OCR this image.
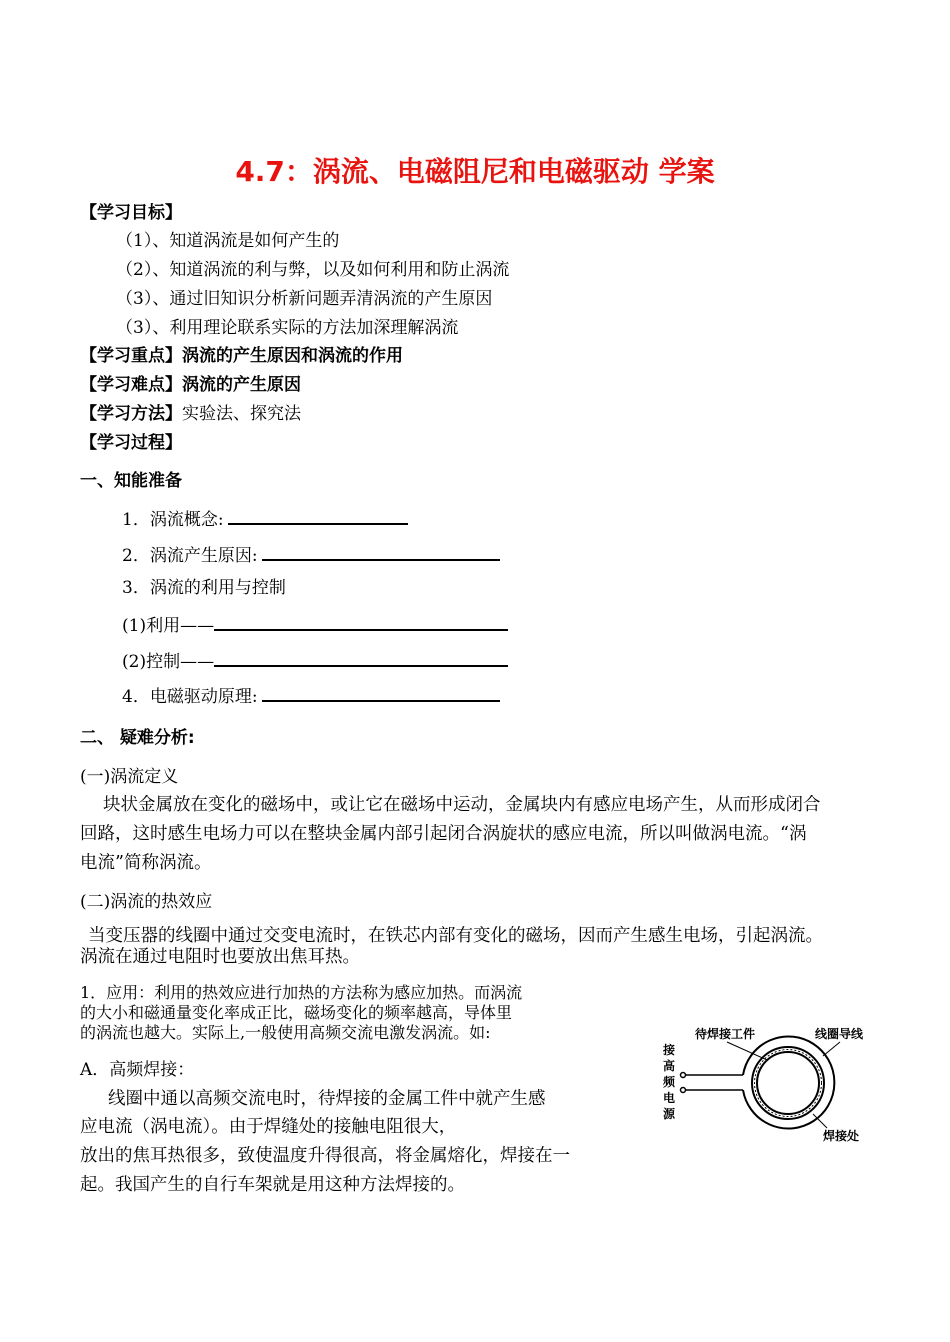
4.7：涡流、电磁阻尼和电磁驱动 学案
【学习目标】
（1）、知道涡流是如何产生的
（2）、知道涡流的利与弊，以及如何利用和防止涡流
（3）、通过旧知识分析新问题弄清涡流的产生原因
（3）、利用理论联系实际的方法加深理解涡流
【学习重点】涡流的产生原因和涡流的作用
【学习难点】涡流的产生原因
【学习方法】实验法、探究法
【学习过程】
一、知能准备
1．涡流概念:
2．涡流产生原因:
3．涡流的利用与控制
(1)利用——
(2)控制——
4．电磁驱动原理:
二、 疑难分析:
(一)涡流定义
块状金属放在变化的磁场中，或让它在磁场中运动，金属块内有感应电场产生，从而形成闭合
回路，这时感生电场力可以在整块金属内部引起闭合涡旋状的感应电流，所以叫做涡电流。“涡
电流”简称涡流。
(二)涡流的热效应
当变压器的线圈中通过交变电流时，在铁芯内部有变化的磁场，因而产生感生电场，引起涡流。
涡流在通过电阻时也要放出焦耳热。
1．应用：利用的热效应进行加热的方法称为感应加热。而涡流
的大小和磁通量变化率成正比，磁场变化的频率越高，导体里
的涡流也越大。实际上,一般使用高频交流电激发涡流。如:
A．高频焊接：
线圈中通以高频交流电时，待焊接的金属工件中就产生感
应电流（涡电流）。由于焊缝处的接触电阻很大，
放出的焦耳热很多，致使温度升得很高，将金属熔化，焊接在一
起。我国产生的自行车架就是用这种方法焊接的。
待焊接工件	线圈导线
接
高
频
电
源
焊接处
